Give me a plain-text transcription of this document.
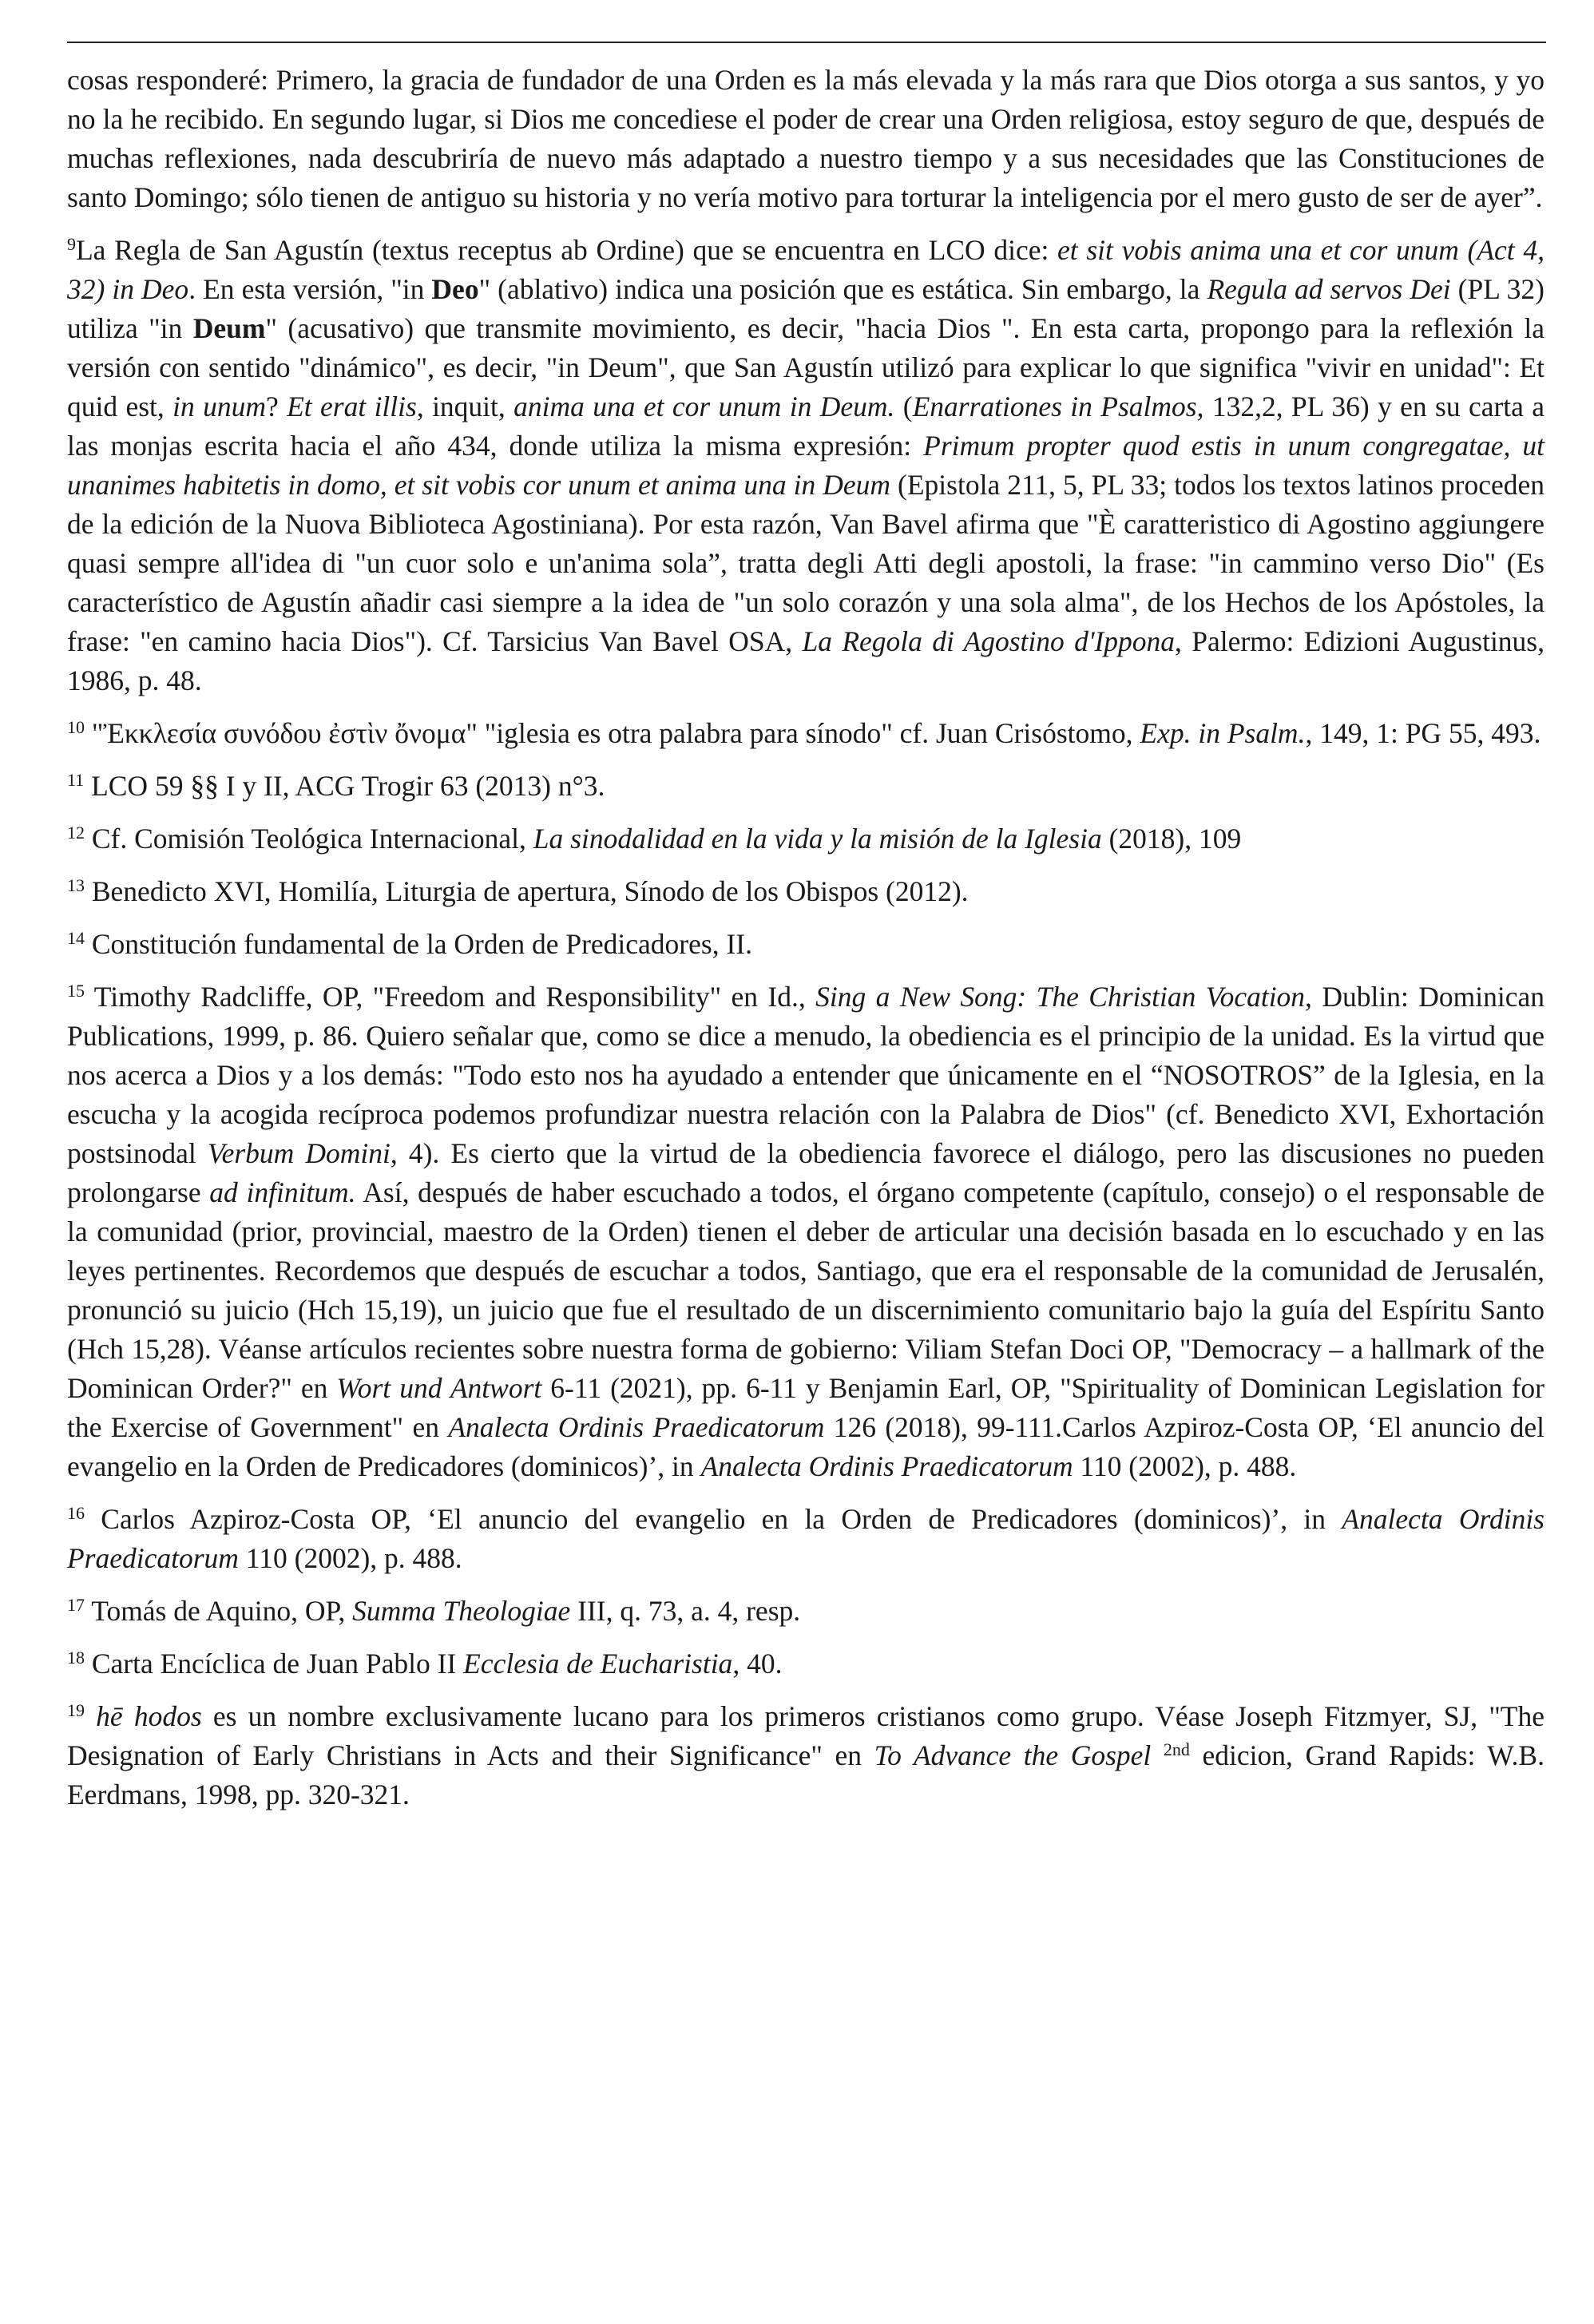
cosas responderé: Primero, la gracia de fundador de una Orden es la más elevada y la más rara que Dios otorga a sus santos, y yo no la he recibido. En segundo lugar, si Dios me concediese el poder de crear una Orden religiosa, estoy seguro de que, después de muchas reflexiones, nada descubriría de nuevo más adaptado a nuestro tiempo y a sus necesidades que las Constituciones de santo Domingo; sólo tienen de antiguo su historia y no vería motivo para torturar la inteligencia por el mero gusto de ser de ayer”.

$^9$La Regla de San Agustín (textus receptus ab Ordine) que se encuentra en LCO dice: et sit vobis anima una et cor unum (Act 4, 32) in Deo. En esta versión, "in Deo" (ablativo) indica una posición que es estática. Sin embargo, la Regula ad servos Dei (PL 32) utiliza "in Deum" (acusativo) que transmite movimiento, es decir, "hacia Dios ". En esta carta, propongo para la reflexión la versión con sentido "dinámico", es decir, "in Deum", que San Agustín utilizó para explicar lo que significa "vivir en unidad": Et quid est, in unum? Et erat illis, inquit, anima una et cor unum in Deum. (Enarrationes in Psalmos, 132,2, PL 36) y en su carta a las monjas escrita hacia el año 434, donde utiliza la misma expresión: Primum propter quod estis in unum congregatae, ut unanimes habitetis in domo, et sit vobis cor unum et anima una in Deum (Epistola 211, 5, PL 33; todos los textos latinos proceden de la edición de la Nuova Biblioteca Agostiniana). Por esta razón, Van Bavel afirma que "È caratteristico di Agostino aggiungere quasi sempre all'idea di "un cuor solo e un'anima sola”, tratta degli Atti degli apostoli, la frase: "in cammino verso Dio" (Es característico de Agustín añadir casi siempre a la idea de "un solo corazón y una sola alma", de los Hechos de los Apóstoles, la frase: "en camino hacia Dios"). Cf. Tarsicius Van Bavel OSA, La Regola di Agostino d'Ippona, Palermo: Edizioni Augustinus, 1986, p. 48.

$^{10}$ "Ἐκκλεσία συνόδου ἐστὶν ὄνομα" "iglesia es otra palabra para sínodo" cf. Juan Crisóstomo, Exp. in Psalm., 149, 1: PG 55, 493.

$^{11}$ LCO 59 §§ I y II, ACG Trogir 63 (2013) n°3.

$^{12}$ Cf. Comisión Teológica Internacional, La sinodalidad en la vida y la misión de la Iglesia (2018), 109

$^{13}$ Benedicto XVI, Homilía, Liturgia de apertura, Sínodo de los Obispos (2012).

$^{14}$ Constitución fundamental de la Orden de Predicadores, II.

$^{15}$ Timothy Radcliffe, OP, "Freedom and Responsibility" en Id., Sing a New Song: The Christian Vocation, Dublin: Dominican Publications, 1999, p. 86. Quiero señalar que, como se dice a menudo, la obediencia es el principio de la unidad. Es la virtud que nos acerca a Dios y a los demás: "Todo esto nos ha ayudado a entender que únicamente en el “NOSOTROS” de la Iglesia, en la escucha y la acogida recíproca podemos profundizar nuestra relación con la Palabra de Dios" (cf. Benedicto XVI, Exhortación postsinodal Verbum Domini, 4). Es cierto que la virtud de la obediencia favorece el diálogo, pero las discusiones no pueden prolongarse ad infinitum. Así, después de haber escuchado a todos, el órgano competente (capítulo, consejo) o el responsable de la comunidad (prior, provincial, maestro de la Orden) tienen el deber de articular una decisión basada en lo escuchado y en las leyes pertinentes. Recordemos que después de escuchar a todos, Santiago, que era el responsable de la comunidad de Jerusalén, pronunció su juicio (Hch 15,19), un juicio que fue el resultado de un discernimiento comunitario bajo la guía del Espíritu Santo (Hch 15,28). Véanse artículos recientes sobre nuestra forma de gobierno: Viliam Stefan Doci OP, "Democracy – a hallmark of the Dominican Order?" en Wort und Antwort 6-11 (2021), pp. 6-11 y Benjamin Earl, OP, "Spirituality of Dominican Legislation for the Exercise of Government" en Analecta Ordinis Praedicatorum 126 (2018), 99-111.Carlos Azpiroz-Costa OP, ‘El anuncio del evangelio en la Orden de Predicadores (dominicos)’, in Analecta Ordinis Praedicatorum 110 (2002), p. 488.

$^{16}$ Carlos Azpiroz-Costa OP, ‘El anuncio del evangelio en la Orden de Predicadores (dominicos)’, in Analecta Ordinis Praedicatorum 110 (2002), p. 488.

$^{17}$ Tomás de Aquino, OP, Summa Theologiae III, q. 73, a. 4, resp.

$^{18}$ Carta Encíclica de Juan Pablo II Ecclesia de Eucharistia, 40.

$^{19}$ hē hodos es un nombre exclusivamente lucano para los primeros cristianos como grupo. Véase Joseph Fitzmyer, SJ, "The Designation of Early Christians in Acts and their Significance" en To Advance the Gospel $^{2nd}$ edicion, Grand Rapids: W.B. Eerdmans, 1998, pp. 320-321.
